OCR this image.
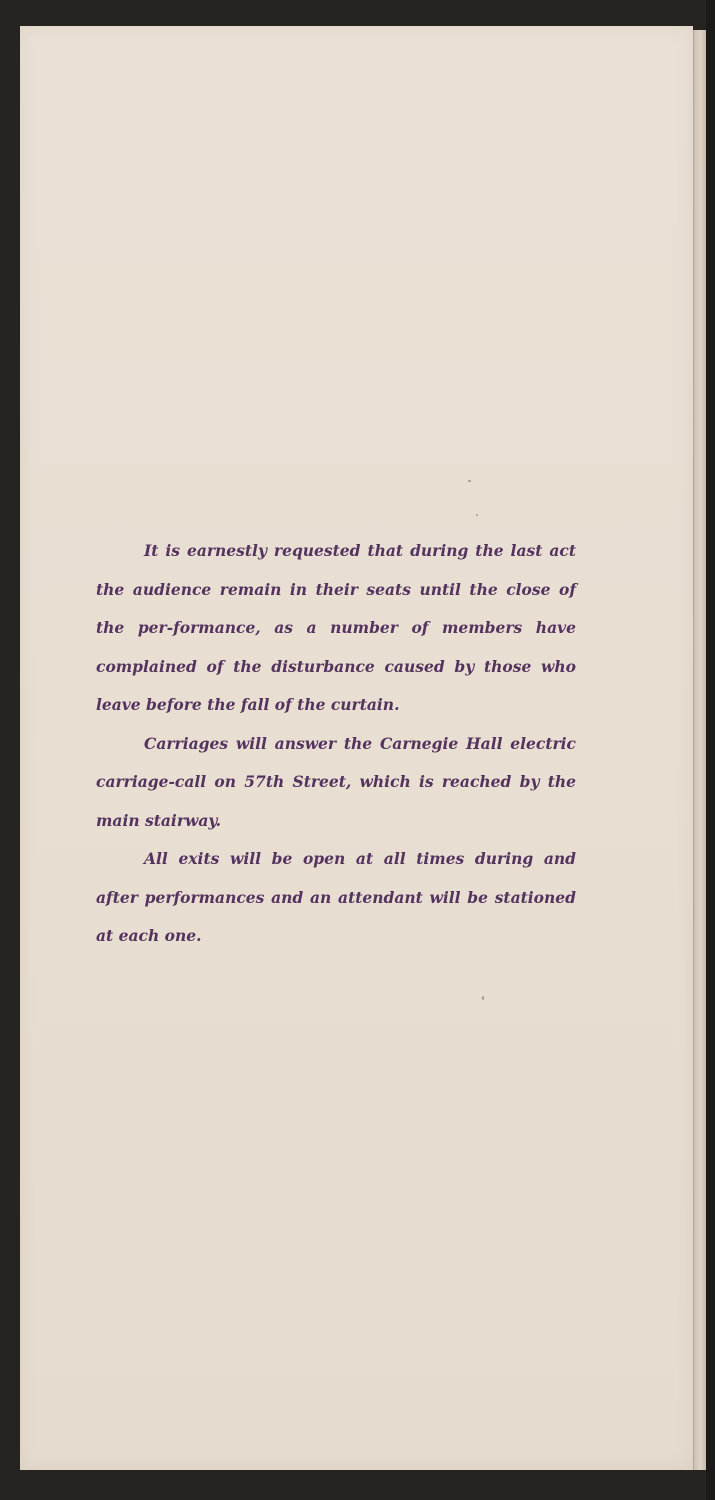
It is earnestly requested that during the last act the audience remain in their seats until the close of the per-formance, as a number of members have complained of the disturbance caused by those who leave before the fall of the curtain.

Carriages will answer the Carnegie Hall electric carriage-call on 57th Street, which is reached by the main stairway.

All exits will be open at all times during and after performances and an attendant will be stationed at each one.
